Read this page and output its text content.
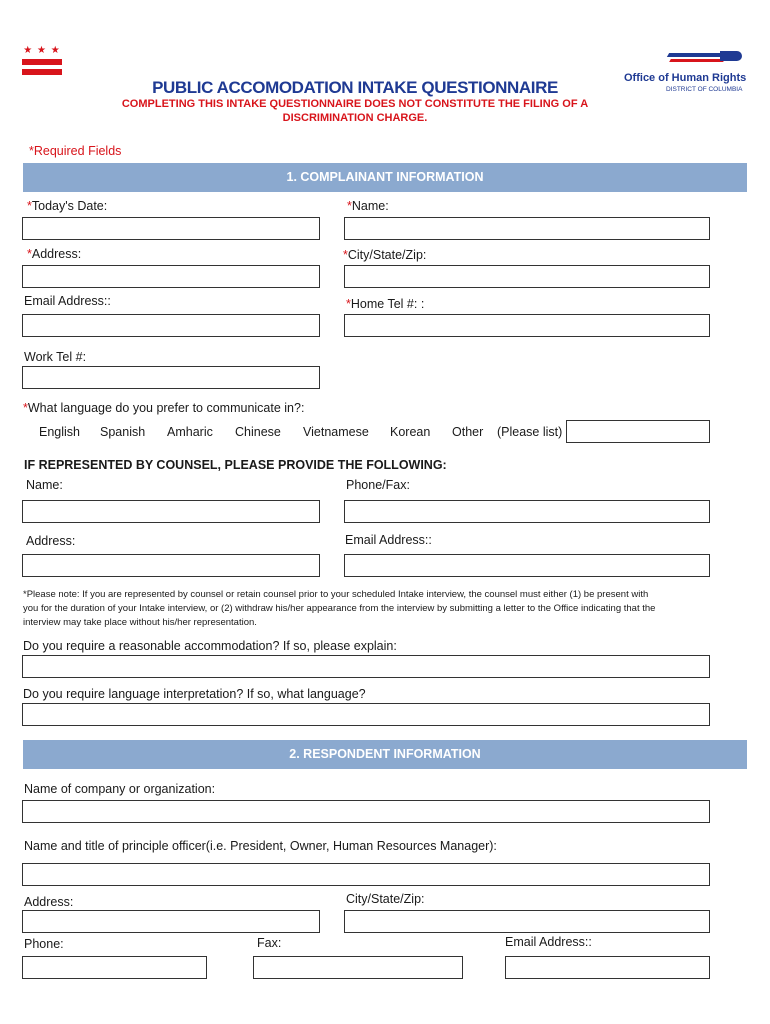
★ ★ ★
Office of Human Rights
DISTRICT OF COLUMBIA
PUBLIC ACCOMODATION INTAKE QUESTIONNAIRE
COMPLETING THIS INTAKE QUESTIONNAIRE DOES NOT CONSTITUTE THE FILING OF A
DISCRIMINATION CHARGE.
*Required Fields
1. COMPLAINANT INFORMATION
*Today's Date:	*Name:
*Address:	*City/State/Zip:
Email Address::	*Home Tel #: :
Work Tel #:
*What language do you prefer to communicate in?:
English Spanish Amharic Chinese Vietnamese Korean Other (Please list)
IF REPRESENTED BY COUNSEL, PLEASE PROVIDE THE FOLLOWING:
Name:	Phone/Fax:
Address:	Email Address::
*Please note: If you are represented by counsel or retain counsel prior to your scheduled Intake interview, the counsel must either (1) be present with
you for the duration of your Intake interview, or (2) withdraw his/her appearance from the interview by submitting a letter to the Office indicating that the
interview may take place without his/her representation.
Do you require a reasonable accommodation? If so, please explain:
Do you require language interpretation? If so, what language?
2. RESPONDENT INFORMATION
Name of company or organization:
Name and title of principle officer(i.e. President, Owner, Human Resources Manager):
Address:	City/State/Zip:
Phone:	Fax:	Email Address::
